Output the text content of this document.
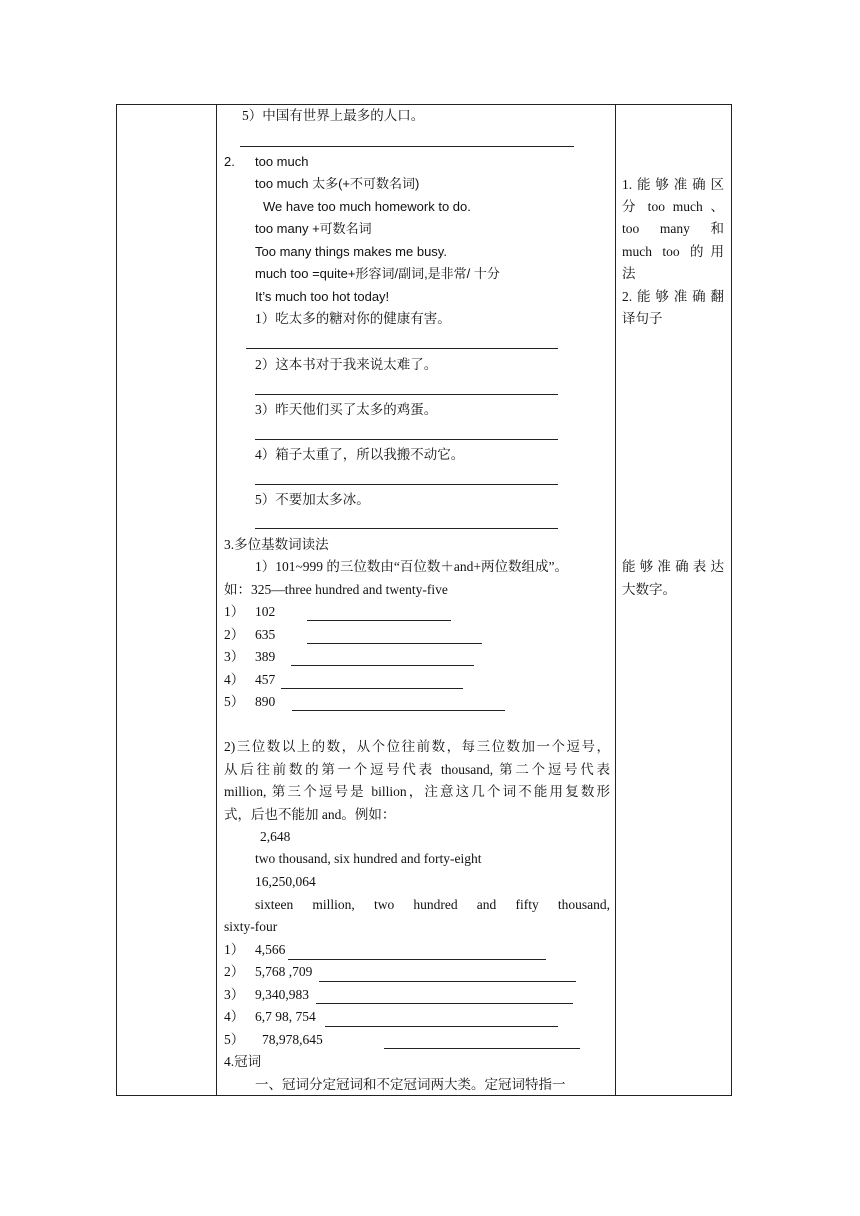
5）中国有世界上最多的人口。
2. too much
too much 太多(+不可数名词)
We have too much homework to do.
too many +可数名词
Too many things makes me busy.
much too =quite+形容词/副词,是非常/ 十分
It’s much too hot today!
1）吃太多的糖对你的健康有害。
2）这本书对于我来说太难了。
3）昨天他们买了太多的鸡蛋。
4）箱子太重了，所以我搬不动它。
5）不要加太多冰。
3.多位基数词读法
1）101~999 的三位数由“百位数＋and+两位数组成”。
如：325—three hundred and twenty-five
1） 102
2） 635
3） 389
4） 457
5） 890
2)三位数以上的数，从个位往前数，每三位数加一个逗号，
从后往前数的第一个逗号代表 thousand, 第二个逗号代表
million, 第三个逗号是 billion，注意这几个词不能用复数形
式，后也不能加 and。例如：
2,648
two thousand, six hundred and forty-eight
16,250,064
sixteen million, two hundred and fifty thousand,
sixty-four
1） 4,566
2） 5,768 ,709
3） 9,340,983
4） 6,7 98, 754
5） 78,978,645
4.冠词
一、冠词分定冠词和不定冠词两大类。定冠词特指一
1.能够准确区
分 too much 、
too many 和
much too 的用
法
2.能够准确翻
译句子
能够准确表达
大数字。
